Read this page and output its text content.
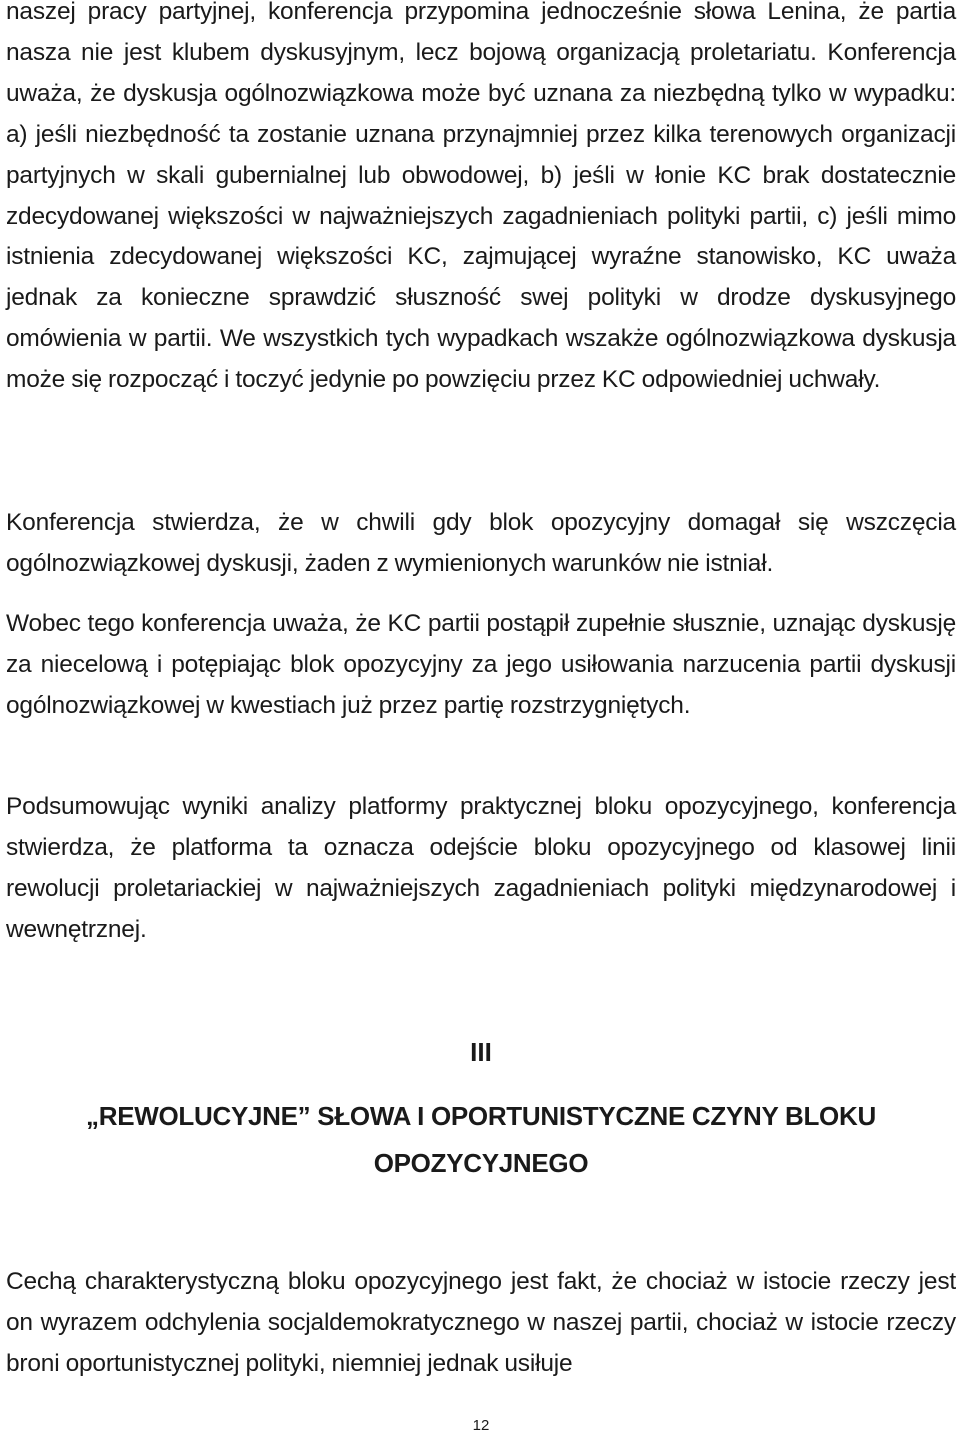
naszej pracy partyjnej, konferencja przypomina jednocześnie słowa Lenina, że partia nasza nie jest klubem dyskusyjnym, lecz bojową organizacją proletariatu. Konferencja uważa, że dyskusja ogólnozwiązkowa może być uznana za niezbędną tylko w wypadku: a) jeśli niezbędność ta zostanie uznana przynajmniej przez kilka terenowych organizacji partyjnych w skali gubernialnej lub obwodowej, b) jeśli w łonie KC brak dostatecznie zdecydowanej większości w najważniejszych zagadnieniach polityki partii, c) jeśli mimo istnienia zdecydowanej większości KC, zajmującej wyraźne stanowisko, KC uważa jednak za konieczne sprawdzić słuszność swej polityki w drodze dyskusyjnego omówienia w partii. We wszystkich tych wypadkach wszakże ogólnozwiązkowa dyskusja może się rozpocząć i toczyć jedynie po powzięciu przez KC odpowiedniej uchwały.

Konferencja stwierdza, że w chwili gdy blok opozycyjny domagał się wszczęcia ogólnozwiązkowej dyskusji, żaden z wymienionych warunków nie istniał.

Wobec tego konferencja uważa, że KC partii postąpił zupełnie słusznie, uznając dyskusję za niecelową i potępiając blok opozycyjny za jego usiłowania narzucenia partii dyskusji ogólnozwiązkowej w kwestiach już przez partię rozstrzygniętych.

Podsumowując wyniki analizy platformy praktycznej bloku opozycyjnego, konferencja stwierdza, że platforma ta oznacza odejście bloku opozycyjnego od klasowej linii rewolucji proletariackiej w najważniejszych zagadnieniach polityki międzynarodowej i wewnętrznej.

III
„REWOLUCYJNE” SŁOWA I OPORTUNISTYCZNE CZYNY BLOKU OPOZYCYJNEGO

Cechą charakterystyczną bloku opozycyjnego jest fakt, że chociaż w istocie rzeczy jest on wyrazem odchylenia socjaldemokratycznego w naszej partii, chociaż w istocie rzeczy broni oportunistycznej polityki, niemniej jednak usiłuje

12
